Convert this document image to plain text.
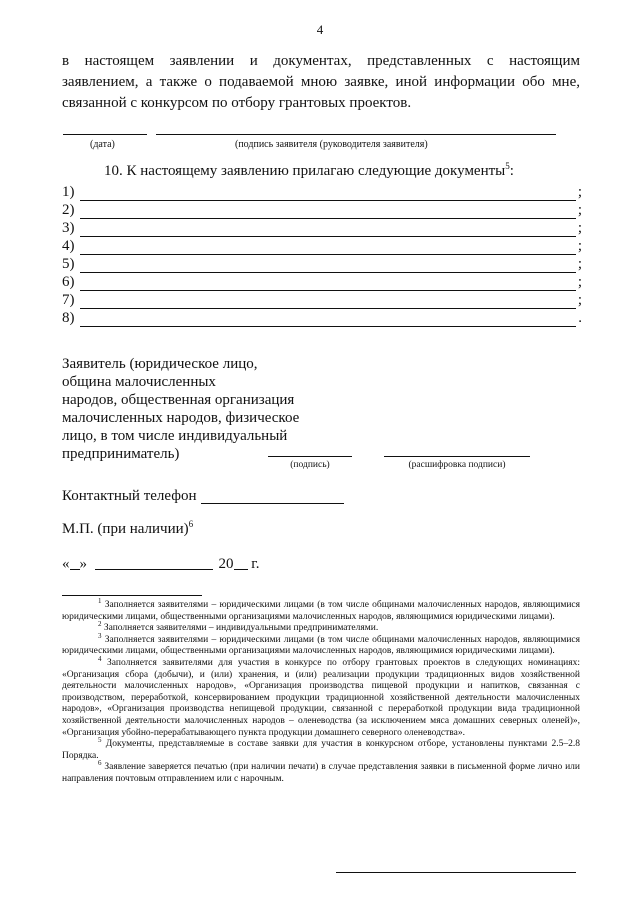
4
в настоящем заявлении и документах, представленных с настоящим
заявлением, а также о подаваемой мною заявке, иной информации обо мне,
связанной с конкурсом по отбору грантовых проектов.
(дата)	(подпись заявителя (руководителя заявителя)
10. К настоящему заявлению прилагаю следующие документы$^5$:
1)	;
2)	;
3)	;
4)	;
5)	;
6)	;
7)	;
8)	.
Заявитель (юридическое лицо,
община малочисленных
народов, общественная организация
малочисленных народов, физическое
лицо, в том числе индивидуальный
предприниматель)
(подпись)	(расшифровка подписи)
Контактный телефон
М.П. (при наличии)$^6$
« »	20 г.

$^1$ Заполняется заявителями – юридическими лицами (в том числе общинами малочисленных народов, являющимися юридическими лицами, общественными организациями малочисленных народов, являющимися юридическими лицами).

$^2$ Заполняется заявителями – индивидуальными предпринимателями.

$^3$ Заполняется заявителями – юридическими лицами (в том числе общинами малочисленных народов, являющимися юридическими лицами, общественными организациями малочисленных народов, являющимися юридическими лицами).

$^4$ Заполняется заявителями для участия в конкурсе по отбору грантовых проектов в следующих номинациях: «Организация сбора (добычи), и (или) хранения, и (или) реализации продукции традиционных видов хозяйственной деятельности малочисленных народов», «Организация производства пищевой продукции и напитков, связанная с производством, переработкой, консервированием продукции традиционной хозяйственной деятельности малочисленных народов», «Организация производства непищевой продукции, связанной с переработкой продукции вида традиционной хозяйственной деятельности малочисленных народов – оленеводства (за исключением мяса домашних северных оленей)», «Организация убойно-перерабатывающего пункта продукции домашнего северного оленеводства».

$^5$ Документы, представляемые в составе заявки для участия в конкурсном отборе, установлены пунктами 2.5–2.8 Порядка.

$^6$ Заявление заверяется печатью (при наличии печати) в случае представления заявки в письменной форме лично или направления почтовым отправлением или с нарочным.
